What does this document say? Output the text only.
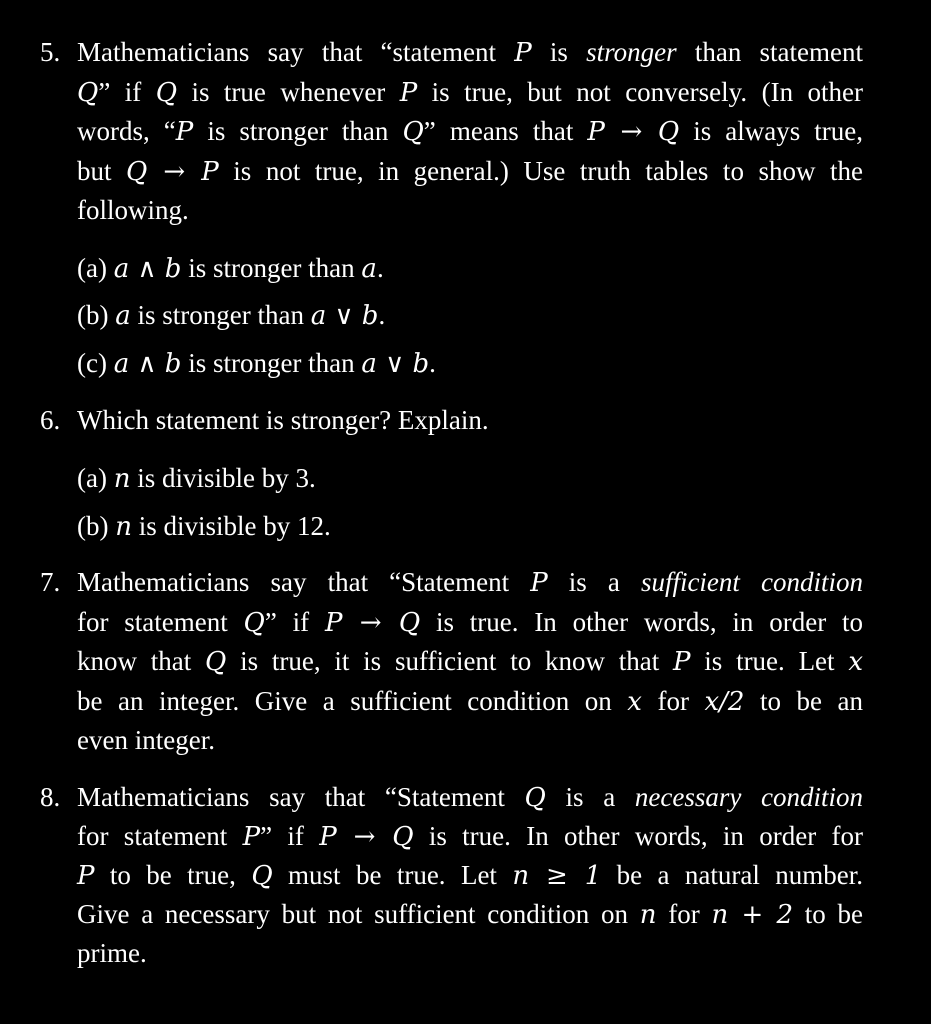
5. Mathematicians say that “statement P is stronger than statement
Q” if Q is true whenever P is true, but not conversely. (In other
words, “P is stronger than Q” means that P → Q is always true,
but Q → P is not true, in general.) Use truth tables to show the
following.
(a) a ∧ b is stronger than a.
(b) a is stronger than a ∨ b.
(c) a ∧ b is stronger than a ∨ b.
6. Which statement is stronger? Explain.
(a) n is divisible by 3.
(b) n is divisible by 12.
7. Mathematicians say that “Statement P is a sufficient condition
for statement Q” if P → Q is true. In other words, in order to
know that Q is true, it is sufficient to know that P is true. Let x
be an integer. Give a sufficient condition on x for x/2 to be an
even integer.
8. Mathematicians say that “Statement Q is a necessary condition
for statement P” if P → Q is true. In other words, in order for
P to be true, Q must be true. Let n ≥ 1 be a natural number.
Give a necessary but not sufficient condition on n for n + 2 to be
prime.
